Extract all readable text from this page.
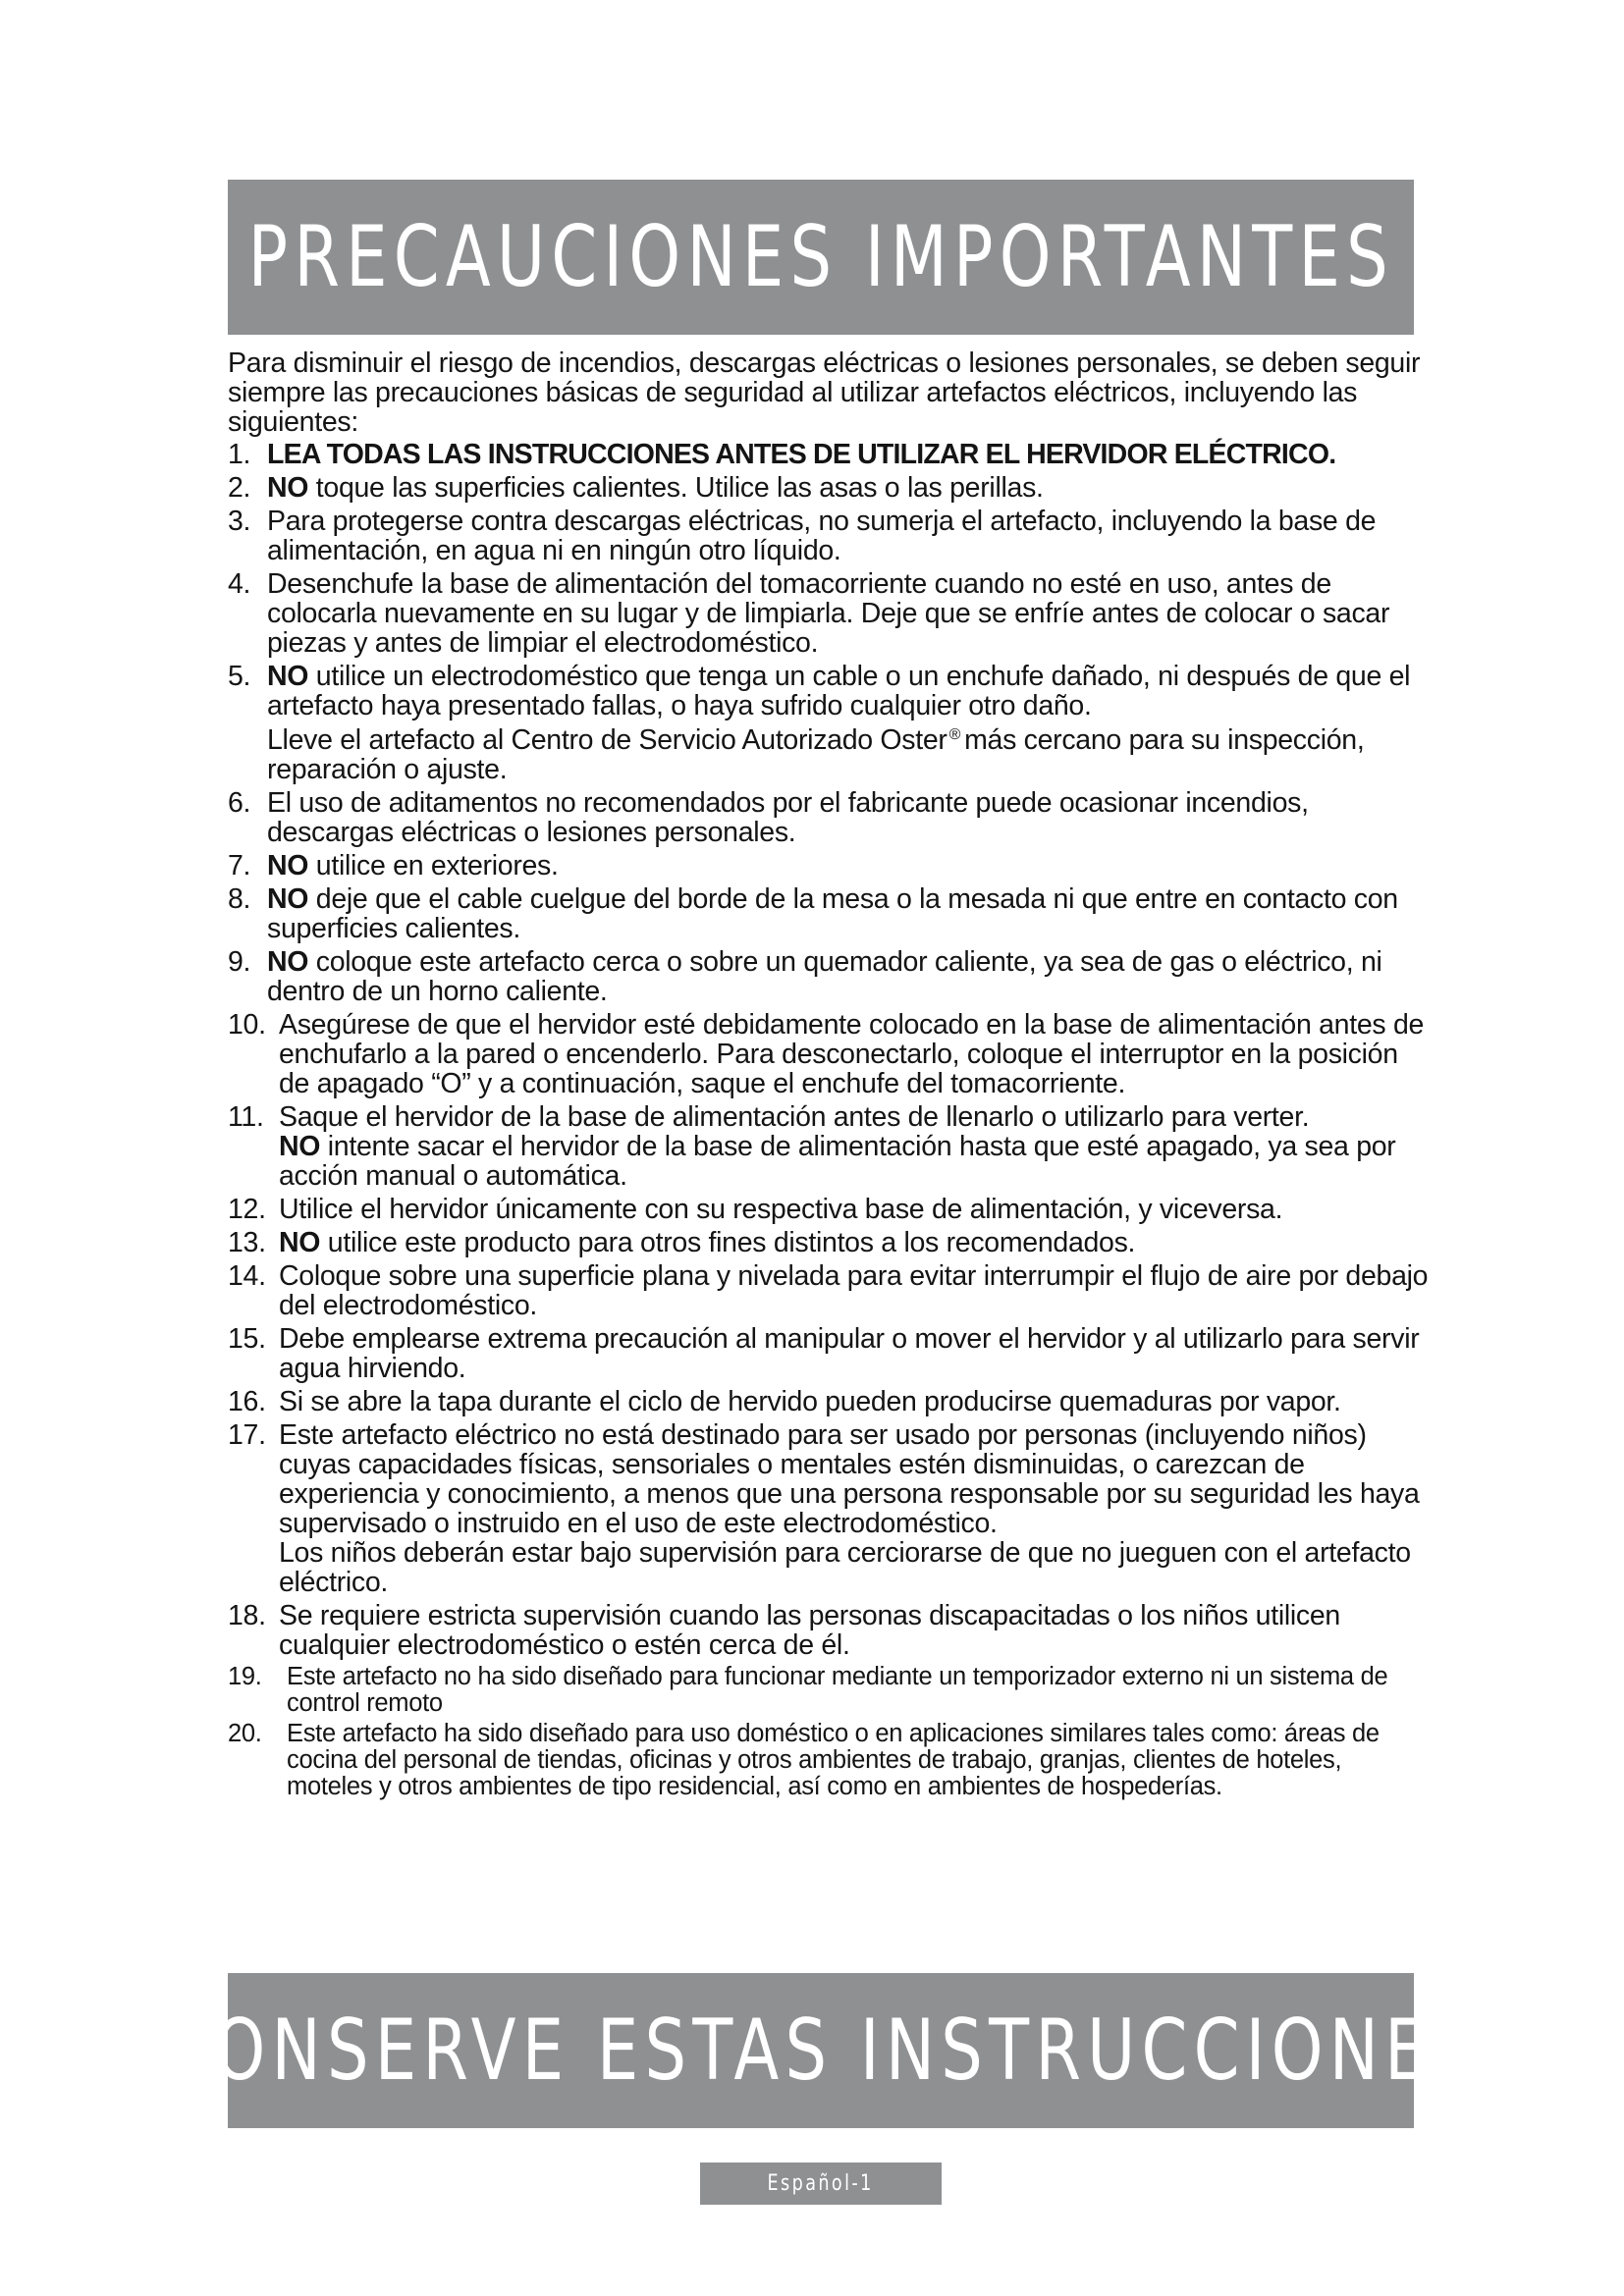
PRECAUCIONES IMPORTANTES
Para disminuir el riesgo de incendios, descargas eléctricas o lesiones personales, se deben seguir siempre las precauciones básicas de seguridad al utilizar artefactos eléctricos, incluyendo las siguientes:
1. LEA TODAS LAS INSTRUCCIONES ANTES DE UTILIZAR EL HERVIDOR ELÉCTRICO.
2. NO toque las superficies calientes. Utilice las asas o las perillas.
3. Para protegerse contra descargas eléctricas, no sumerja el artefacto, incluyendo la base de alimentación, en agua ni en ningún otro líquido.
4. Desenchufe la base de alimentación del tomacorriente cuando no esté en uso, antes de colocarla nuevamente en su lugar y de limpiarla. Deje que se enfríe antes de colocar o sacar piezas y antes de limpiar el electrodoméstico.
5. NO utilice un electrodoméstico que tenga un cable o un enchufe dañado, ni después de que el artefacto haya presentado fallas, o haya sufrido cualquier otro daño.
Lleve el artefacto al Centro de Servicio Autorizado Oster ® más cercano para su inspección, reparación o ajuste.
6. El uso de aditamentos no recomendados por el fabricante puede ocasionar incendios, descargas eléctricas o lesiones personales.
7. NO utilice en exteriores.
8. NO deje que el cable cuelgue del borde de la mesa o la mesada ni que entre en contacto con superficies calientes.
9. NO coloque este artefacto cerca o sobre un quemador caliente, ya sea de gas o eléctrico, ni dentro de un horno caliente.
10. Asegúrese de que el hervidor esté debidamente colocado en la base de alimentación antes de enchufarlo a la pared o encenderlo. Para desconectarlo, coloque el interruptor en la posición de apagado “O” y a continuación, saque el enchufe del tomacorriente.
11. Saque el hervidor de la base de alimentación antes de llenarlo o utilizarlo para verter.
NO intente sacar el hervidor de la base de alimentación hasta que esté apagado, ya sea por acción manual o automática.
12. Utilice el hervidor únicamente con su respectiva base de alimentación, y viceversa.
13. NO utilice este producto para otros fines distintos a los recomendados.
14. Coloque sobre una superficie plana y nivelada para evitar interrumpir el flujo de aire por debajo del electrodoméstico.
15. Debe emplearse extrema precaución al manipular o mover el hervidor y al utilizarlo para servir agua hirviendo.
16. Si se abre la tapa durante el ciclo de hervido pueden producirse quemaduras por vapor.
17. Este artefacto eléctrico no está destinado para ser usado por personas (incluyendo niños) cuyas capacidades físicas, sensoriales o mentales estén disminuidas, o carezcan de experiencia y conocimiento, a menos que una persona responsable por su seguridad les haya supervisado o instruido en el uso de este electrodoméstico.
Los niños deberán estar bajo supervisión para cerciorarse de que no jueguen con el artefacto eléctrico.
18. Se requiere estricta supervisión cuando las personas discapacitadas o los niños utilicen cualquier electrodoméstico o estén cerca de él.
19. Este artefacto no ha sido diseñado para funcionar mediante un temporizador externo ni un sistema de control remoto
20. Este artefacto ha sido diseñado para uso doméstico o en aplicaciones similares tales como: áreas de cocina del personal de tiendas, oficinas y otros ambientes de trabajo, granjas, clientes de hoteles, moteles y otros ambientes de tipo residencial, así como en ambientes de hospederías.
CONSERVE ESTAS INSTRUCCIONES
Español-1
